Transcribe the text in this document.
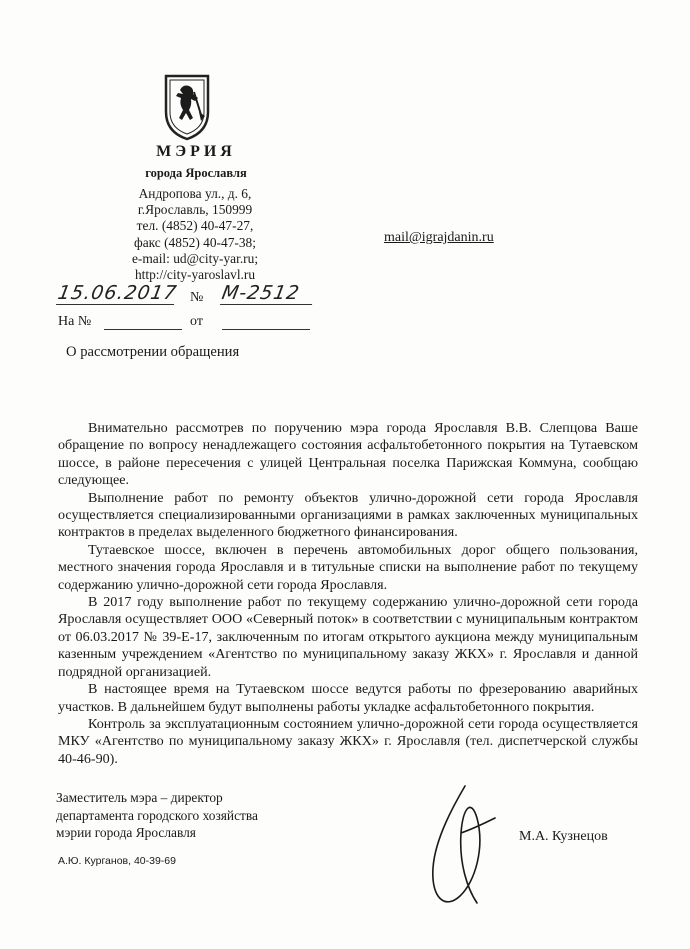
МЭРИЯ
города Ярославля
Андропова ул., д. 6,
г.Ярославль, 150999
тел. (4852) 40-47-27,
факс (4852) 40-47-38;
e-mail: ud@city-yar.ru;
http://city-yaroslavl.ru
mail@igrajdanin.ru
15.06.2017 № М-2512
На №	от
О рассмотрении обращения

Внимательно рассмотрев по поручению мэра города Ярославля В.В. Слепцова Ваше обращение по вопросу ненадлежащего состояния асфальтобетонного покрытия на Тутаевском шоссе, в районе пересечения с улицей Центральная поселка Парижская Коммуна, сообщаю следующее.

Выполнение работ по ремонту объектов улично-дорожной сети города Ярославля осуществляется специализированными организациями в рамках заключенных муниципальных контрактов в пределах выделенного бюджетного финансирования.

Тутаевское шоссе, включен в перечень автомобильных дорог общего пользования, местного значения города Ярославля и в титульные списки на выполнение работ по текущему содержанию улично-дорожной сети города Ярославля.

В 2017 году выполнение работ по текущему содержанию улично-дорожной сети города Ярославля осуществляет ООО «Северный поток» в соответствии с муниципальным контрактом от 06.03.2017 № 39-Е-17, заключенным по итогам открытого аукциона между муниципальным казенным учреждением «Агентство по муниципальному заказу ЖКХ» г. Ярославля и данной подрядной организацией.

В настоящее время на Тутаевском шоссе ведутся работы по фрезерованию аварийных участков. В дальнейшем будут выполнены работы укладке асфальтобетонного покрытия.

Контроль за эксплуатационным состоянием улично-дорожной сети города осуществляется МКУ «Агентство по муниципальному заказу ЖКХ» г. Ярославля (тел. диспетчерской службы 40-46-90).

Заместитель мэра – директор
департамента городского хозяйства
мэрии города Ярославля	М.А. Кузнецов
А.Ю. Курганов, 40-39-69
